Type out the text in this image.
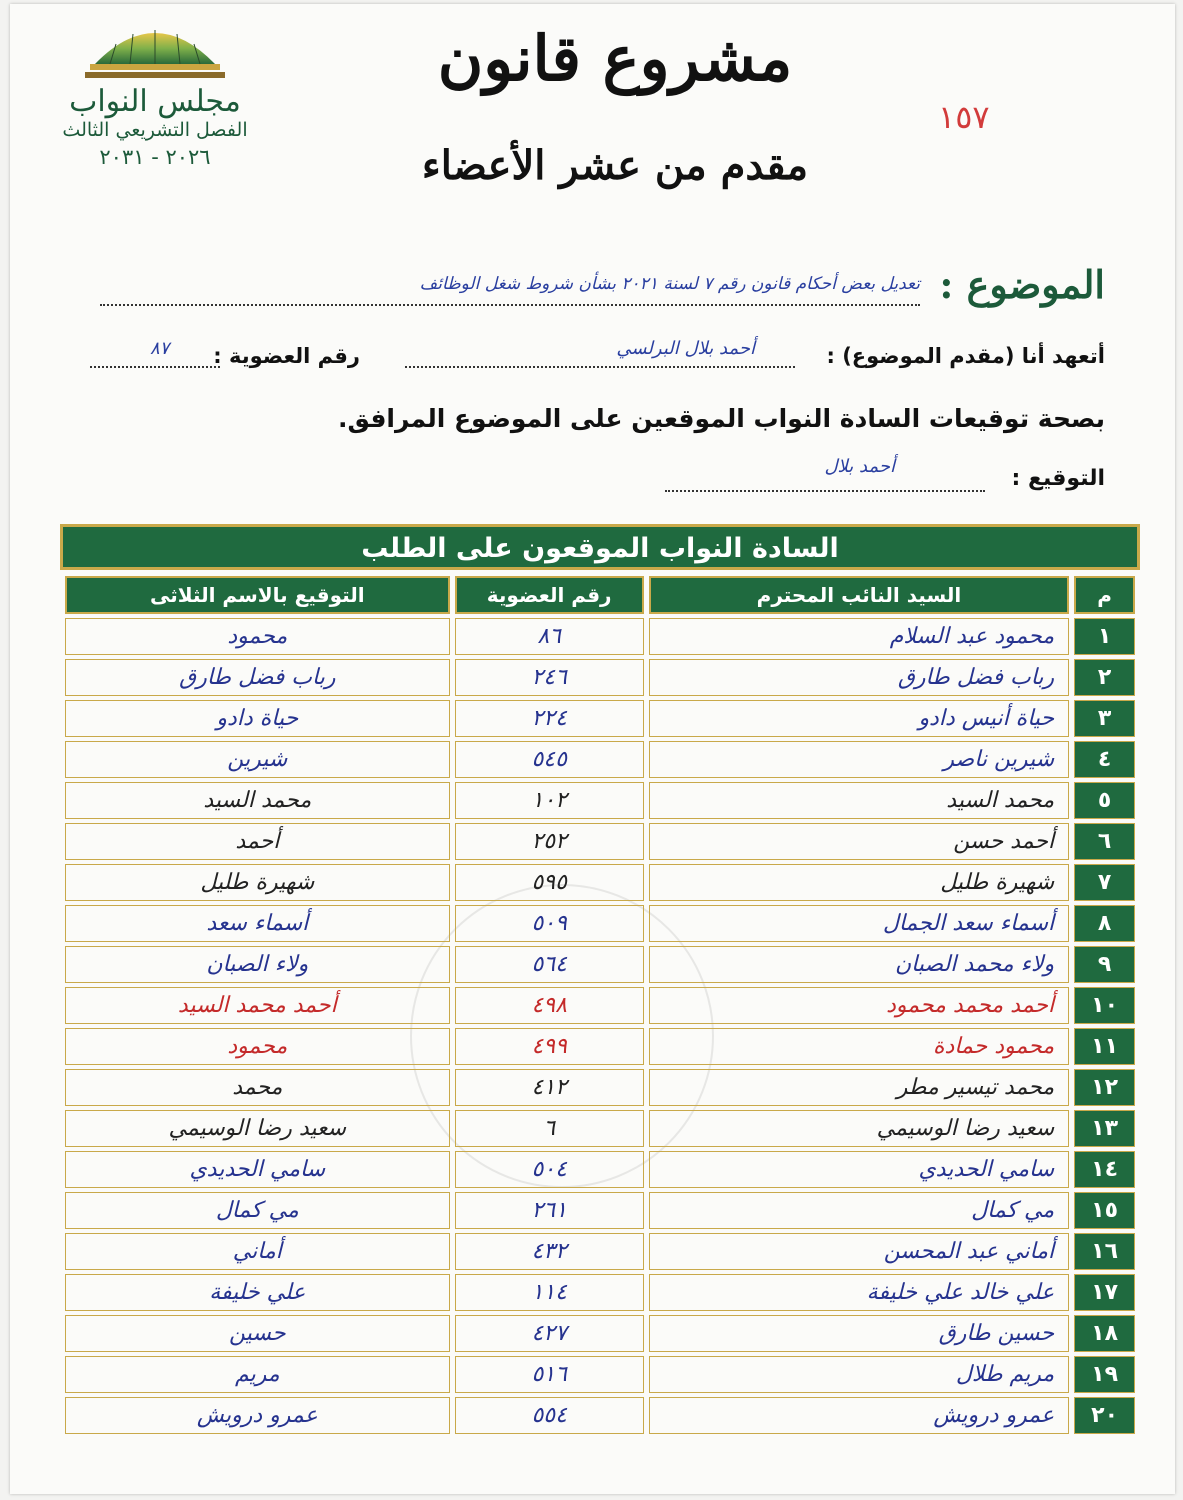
مجلس النواب
الفصل التشريعي الثالث
٢٠٢٦ - ٢٠٣١
مشروع قانون
مقدم من عشر الأعضاء
١٥٧
الموضوع :
تعديل بعض أحكام قانون رقم ٧ لسنة ٢٠٢١ بشأن شروط شغل الوظائف
أتعهد أنا (مقدم الموضوع) :
أحمد بلال البرلسي
رقم العضوية :
٨٧
بصحة توقيعات السادة النواب الموقعين على الموضوع المرافق.
التوقيع :
أحمد بلال
السادة النواب الموقعون على الطلب
م	السيد النائب المحترم	رقم العضوية	التوقيع بالاسم الثلاثى
١	محمود عبد السلام	٨٦	محمود
٢	رباب فضل طارق	٢٤٦	رباب فضل طارق
٣	حياة أنيس دادو	٢٢٤	حياة دادو
٤	شيرين ناصر	٥٤٥	شيرين
٥	محمد السيد	١٠٢	محمد السيد
٦	أحمد حسن	٢٥٢	أحمد
٧	شهيرة طليل	٥٩٥	شهيرة طليل
٨	أسماء سعد الجمال	٥٠٩	أسماء سعد
٩	ولاء محمد الصبان	٥٦٤	ولاء الصبان
١٠	أحمد محمد محمود	٤٩٨	أحمد محمد السيد
١١	محمود حمادة	٤٩٩	محمود
١٢	محمد تيسير مطر	٤١٢	محمد
١٣	سعيد رضا الوسيمي	٦	سعيد رضا الوسيمي
١٤	سامي الحديدي	٥٠٤	سامي الحديدي
١٥	مي كمال	٢٦١	مي كمال
١٦	أماني عبد المحسن	٤٣٢	أماني
١٧	علي خالد علي خليفة	١١٤	علي خليفة
١٨	حسين طارق	٤٢٧	حسين
١٩	مريم طلال	٥١٦	مريم
٢٠	عمرو درويش	٥٥٤	عمرو درويش
